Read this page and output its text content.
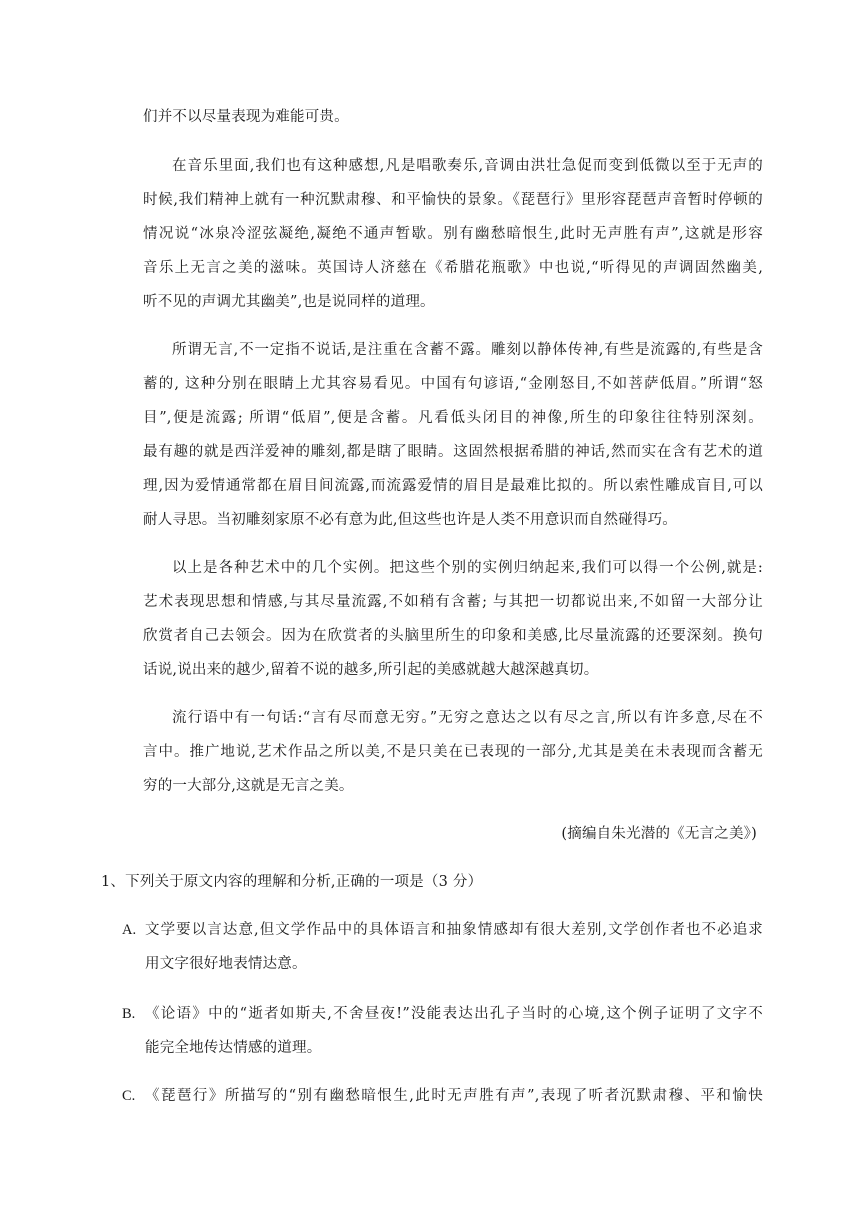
们并不以尽量表现为难能可贵。
在音乐里面,我们也有这种感想,凡是唱歌奏乐,音调由洪壮急促而变到低微以至于无声的
时候,我们精神上就有一种沉默肃穆、和平愉快的景象。《琵琶行》里形容琵琶声音暂时停顿的
情况说“冰泉冷涩弦凝绝,凝绝不通声暂歇。别有幽愁暗恨生,此时无声胜有声”,这就是形容
音乐上无言之美的滋味。英国诗人济慈在《希腊花瓶歌》中也说,“听得见的声调固然幽美,
听不见的声调尤其幽美”,也是说同样的道理。
所谓无言,不一定指不说话,是注重在含蓄不露。雕刻以静体传神,有些是流露的,有些是含
蓄的, 这种分别在眼睛上尤其容易看见。中国有句谚语,“金刚怒目,不如菩萨低眉。”所谓“怒
目”,便是流露; 所谓“低眉”,便是含蓄。凡看低头闭目的神像,所生的印象往往特别深刻。
最有趣的就是西洋爱神的雕刻,都是瞎了眼睛。这固然根据希腊的神话,然而实在含有艺术的道
理,因为爱情通常都在眉目间流露,而流露爱情的眉目是最难比拟的。所以索性雕成盲目,可以
耐人寻思。当初雕刻家原不必有意为此,但这些也许是人类不用意识而自然碰得巧。
以上是各种艺术中的几个实例。把这些个别的实例归纳起来,我们可以得一个公例,就是:
艺术表现思想和情感,与其尽量流露,不如稍有含蓄; 与其把一切都说出来,不如留一大部分让
欣赏者自己去领会。因为在欣赏者的头脑里所生的印象和美感,比尽量流露的还要深刻。换句
话说,说出来的越少,留着不说的越多,所引起的美感就越大越深越真切。
流行语中有一句话:“言有尽而意无穷。”无穷之意达之以有尽之言,所以有许多意,尽在不
言中。推广地说,艺术作品之所以美,不是只美在已表现的一部分,尤其是美在未表现而含蓄无
穷的一大部分,这就是无言之美。
(摘编自朱光潜的《无言之美》)
1、下列关于原文内容的理解和分析,正确的一项是（3 分）
A. 文学要以言达意,但文学作品中的具体语言和抽象情感却有很大差别,文学创作者也不必追求
用文字很好地表情达意。
B. 《论语》中的“逝者如斯夫,不舍昼夜!”没能表达出孔子当时的心境,这个例子证明了文字不
能完全地传达情感的道理。
C. 《琵琶行》所描写的“别有幽愁暗恨生,此时无声胜有声”,表现了听者沉默肃穆、平和愉快
